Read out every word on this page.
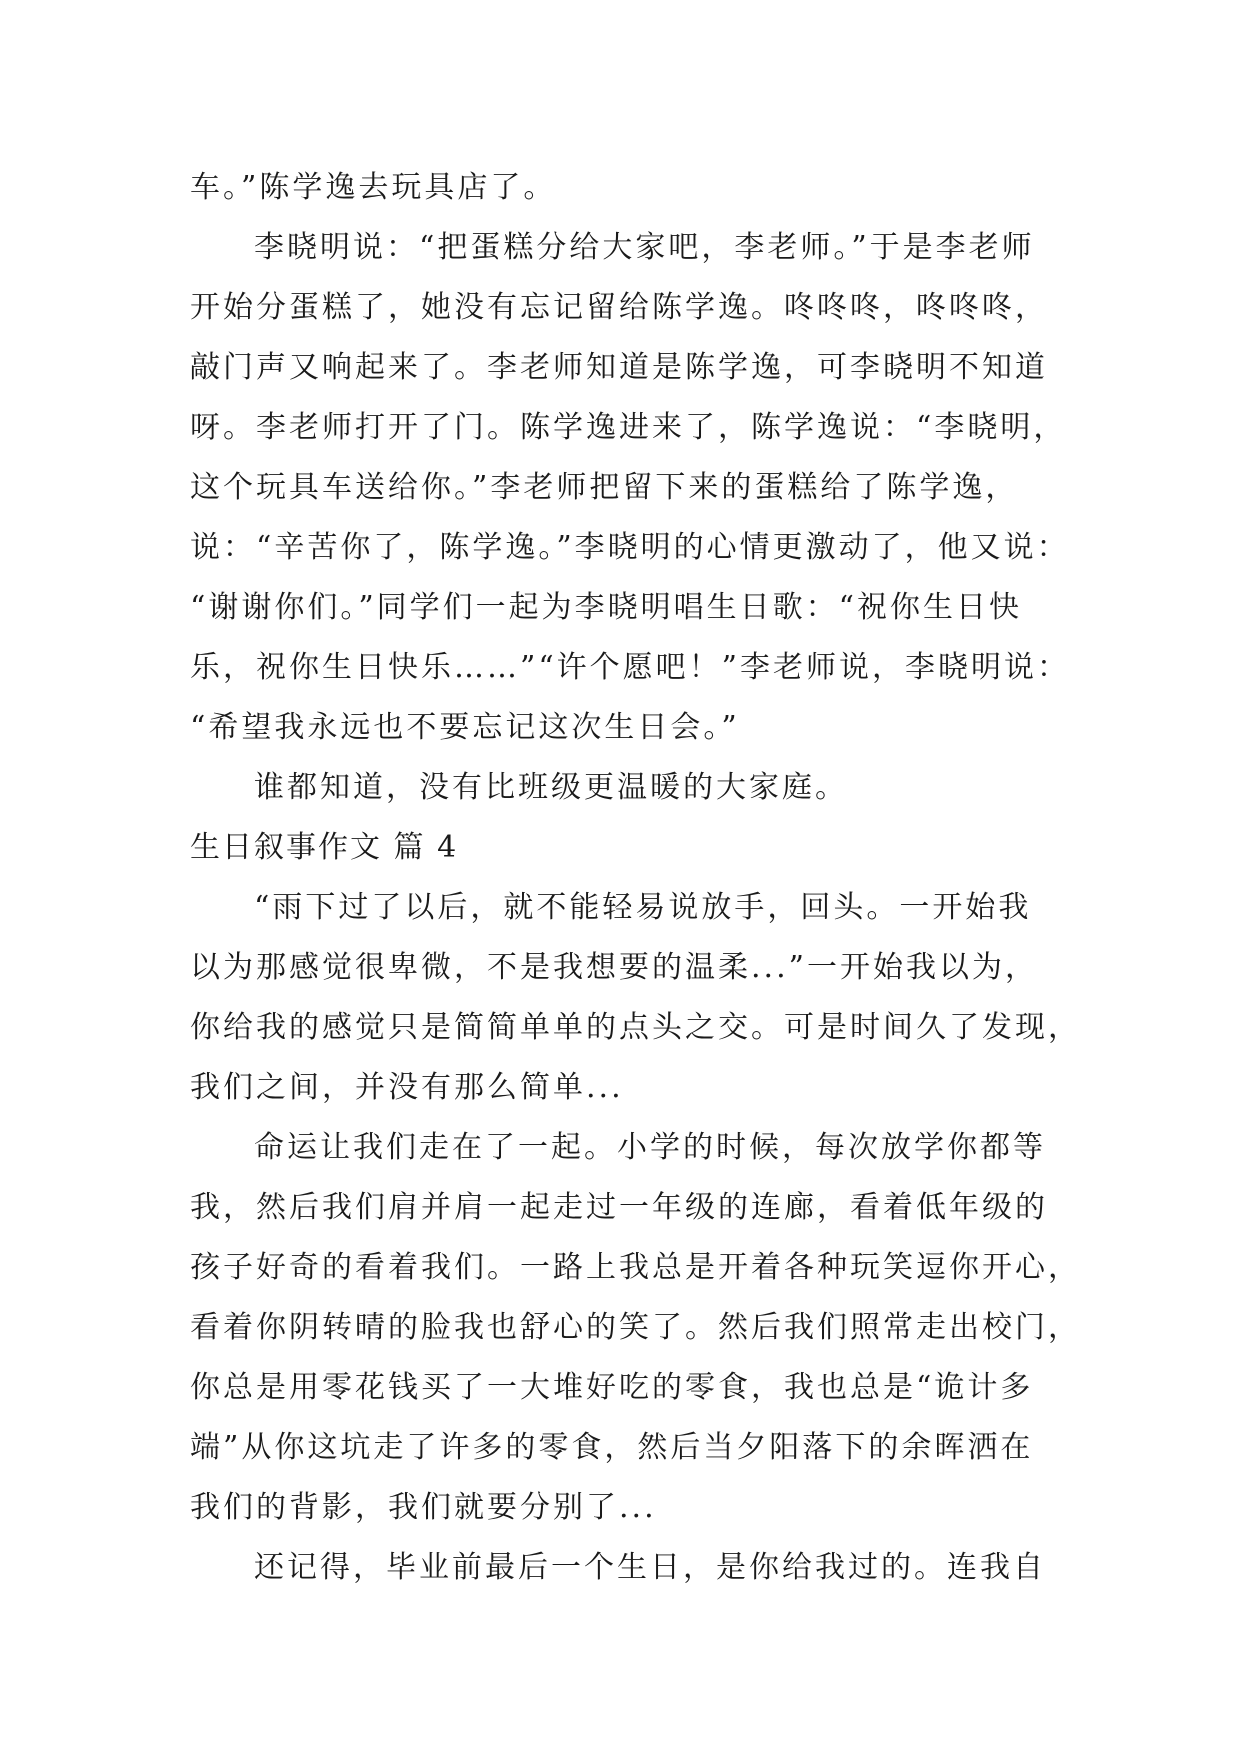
车。”陈学逸去玩具店了。
李晓明说：“把蛋糕分给大家吧，李老师。”于是李老师
开始分蛋糕了，她没有忘记留给陈学逸。咚咚咚，咚咚咚，
敲门声又响起来了。李老师知道是陈学逸，可李晓明不知道
呀。李老师打开了门。陈学逸进来了，陈学逸说：“李晓明，
这个玩具车送给你。”李老师把留下来的蛋糕给了陈学逸，
说：“辛苦你了，陈学逸。”李晓明的心情更激动了，他又说：
“谢谢你们。”同学们一起为李晓明唱生日歌：“祝你生日快
乐，祝你生日快乐……”“许个愿吧！”李老师说，李晓明说：
“希望我永远也不要忘记这次生日会。”
谁都知道，没有比班级更温暖的大家庭。
生日叙事作文 篇 4
“雨下过了以后，就不能轻易说放手，回头。一开始我
以为那感觉很卑微，不是我想要的温柔...”一开始我以为，
你给我的感觉只是简简单单的点头之交。可是时间久了发现，
我们之间，并没有那么简单...
命运让我们走在了一起。小学的时候，每次放学你都等
我，然后我们肩并肩一起走过一年级的连廊，看着低年级的
孩子好奇的看着我们。一路上我总是开着各种玩笑逗你开心，
看着你阴转晴的脸我也舒心的笑了。然后我们照常走出校门，
你总是用零花钱买了一大堆好吃的零食，我也总是“诡计多
端”从你这坑走了许多的零食，然后当夕阳落下的余晖洒在
我们的背影，我们就要分别了...
还记得，毕业前最后一个生日，是你给我过的。连我自
